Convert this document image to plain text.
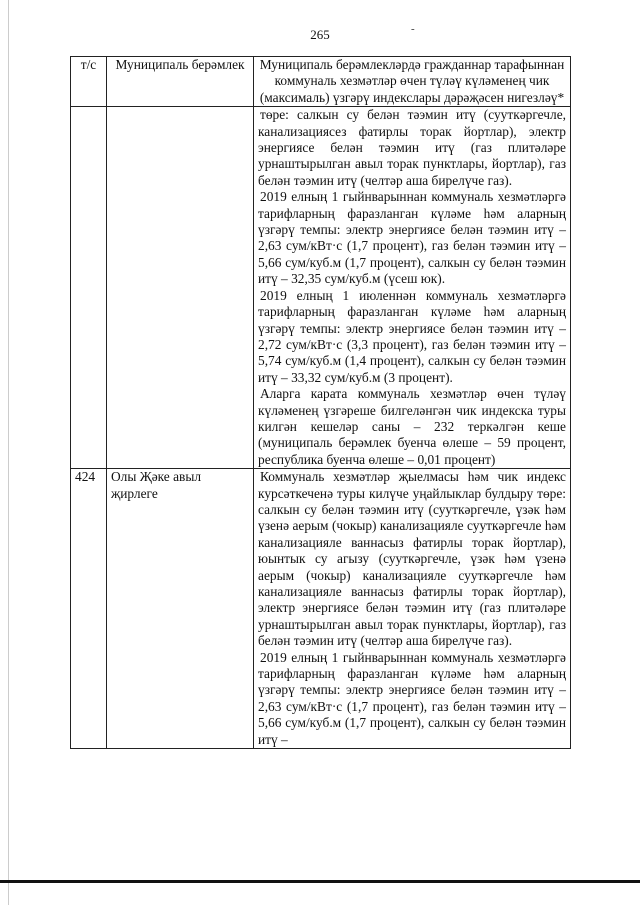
265	-
т/с	Муниципаль берәмлек	Муниципаль берәмлекләрдә гражданнар тарафыннан коммуналь хезмәтләр өчен түләү күләменең чик (максималь) үзгәрү индекслары дәрәҗәсен нигезләү*

		төре: салкын су белән тәэмин итү (сууткәргечле, канализациясез фатирлы торак йортлар), электр энергиясе белән тәэмин итү (газ плитәләре урнаштырылган авыл торак пунктлары, йортлар), газ белән тәэмин итү (челтәр аша бирелүче газ).

2019 елның 1 гыйнварыннан коммуналь хезмәтләргә тарифларның фаразланган күләме һәм аларның үзгәрү темпы: электр энергиясе белән тәэмин итү – 2,63 сум/кВт·с (1,7 процент), газ белән тәэмин итү – 5,66 сум/куб.м (1,7 процент), салкын су белән тәэмин итү – 32,35 сум/куб.м (үсеш юк).

2019 елның 1 июленнән коммуналь хезмәтләргә тарифларның фаразланган күләме һәм аларның үзгәрү темпы: электр энергиясе белән тәэмин итү – 2,72 сум/кВт·с (3,3 процент), газ белән тәэмин итү – 5,74 сум/куб.м (1,4 процент), салкын су белән тәэмин итү – 33,32 сум/куб.м (3 процент).

Аларга карата коммуналь хезмәтләр өчен түләү күләменең үзгәреше билгеләнгән чик индекска туры килгән кешеләр саны – 232 теркәлгән кеше (муниципаль берәмлек буенча өлеше – 59 процент, республика буенча өлеше – 0,01 процент)

424	Олы Җәке авыл җирлеге	Коммуналь хезмәтләр җыелмасы һәм чик индекс курсәткеченә туры килүче уңайлыклар булдыру төре: салкын су белән тәэмин итү (сууткәргечле, үзәк һәм үзенә аерым (чокыр) канализацияле сууткәргечле һәм канализацияле ваннасыз фатирлы торак йортлар), юынтык су агызу (сууткәргечле, үзәк һәм үзенә аерым (чокыр) канализацияле сууткәргечле һәм канализацияле ваннасыз фатирлы торак йортлар), электр энергиясе белән тәэмин итү (газ плитәләре урнаштырылган авыл торак пунктлары, йортлар), газ белән тәэмин итү (челтәр аша бирелүче газ).

2019 елның 1 гыйнварыннан коммуналь хезмәтләргә тарифларның фаразланган күләме һәм аларның үзгәрү темпы: электр энергиясе белән тәэмин итү – 2,63 сум/кВт·с (1,7 процент), газ белән тәэмин итү – 5,66 сум/куб.м (1,7 процент), салкын су белән тәэмин итү –
